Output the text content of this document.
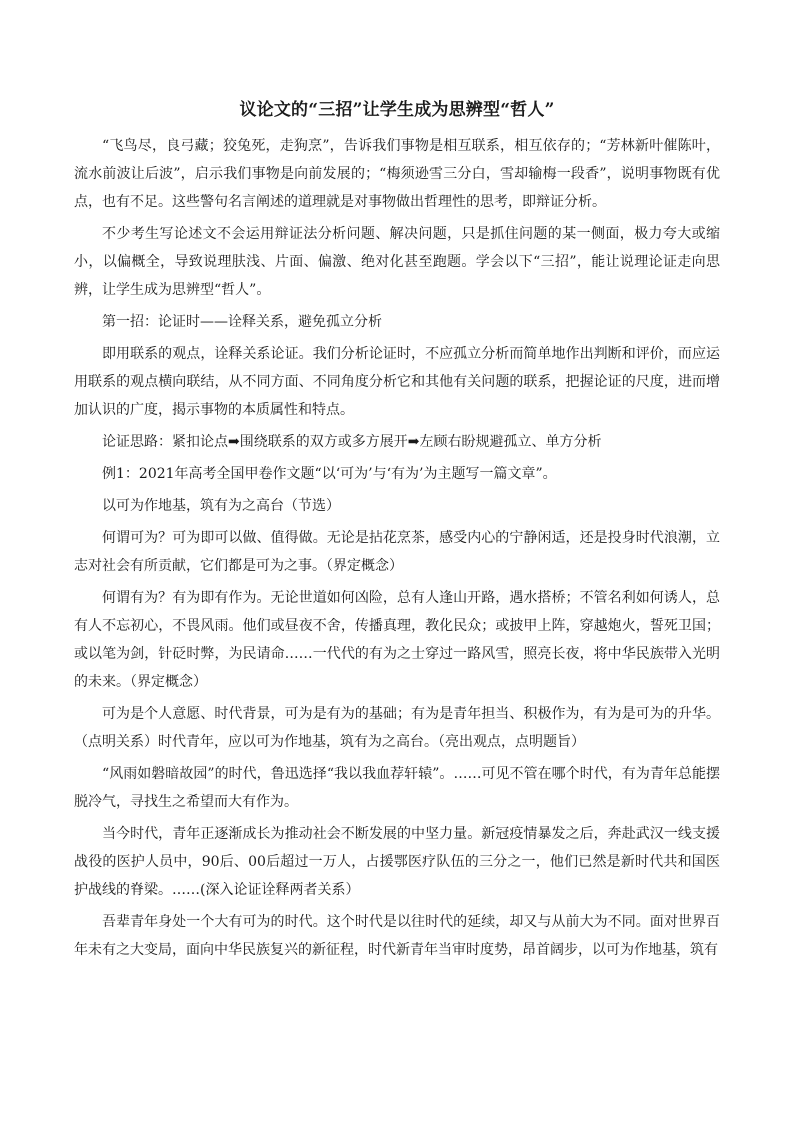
议论文的“三招”让学生成为思辨型“哲人”

“飞鸟尽，良弓藏；狡兔死，走狗烹”，告诉我们事物是相互联系，相互依存的；“芳林新叶催陈叶，流水前波让后波”，启示我们事物是向前发展的；“梅须逊雪三分白，雪却输梅一段香”，说明事物既有优点，也有不足。这些警句名言阐述的道理就是对事物做出哲理性的思考，即辩证分析。

不少考生写论述文不会运用辩证法分析问题、解决问题，只是抓住问题的某一侧面，极力夸大或缩小，以偏概全，导致说理肤浅、片面、偏激、绝对化甚至跑题。学会以下“三招”，能让说理论证走向思辨，让学生成为思辨型“哲人”。

第一招：论证时——诠释关系，避免孤立分析

即用联系的观点，诠释关系论证。我们分析论证时，不应孤立分析而简单地作出判断和评价，而应运用联系的观点横向联结，从不同方面、不同角度分析它和其他有关问题的联系，把握论证的尺度，进而增加认识的广度，揭示事物的本质属性和特点。

论证思路：紧扣论点➡围绕联系的双方或多方展开➡左顾右盼规避孤立、单方分析

例1：2021年高考全国甲卷作文题“以‘可为’与‘有为’为主题写一篇文章”。

以可为作地基，筑有为之高台（节选）

何谓可为？可为即可以做、值得做。无论是拈花烹茶，感受内心的宁静闲适，还是投身时代浪潮，立志对社会有所贡献，它们都是可为之事。（界定概念）

何谓有为？有为即有作为。无论世道如何凶险，总有人逢山开路，遇水搭桥；不管名利如何诱人，总有人不忘初心，不畏风雨。他们或昼夜不舍，传播真理，教化民众；或披甲上阵，穿越炮火，誓死卫国；或以笔为剑，针砭时弊，为民请命……一代代的有为之士穿过一路风雪，照亮长夜，将中华民族带入光明的未来。（界定概念）

可为是个人意愿、时代背景，可为是有为的基础；有为是青年担当、积极作为，有为是可为的升华。（点明关系）时代青年，应以可为作地基，筑有为之高台。（亮出观点，点明题旨）

“风雨如磐暗故园”的时代，鲁迅选择“我以我血荐轩辕”。……可见不管在哪个时代，有为青年总能摆脱冷气，寻找生之希望而大有作为。

当今时代，青年正逐渐成长为推动社会不断发展的中坚力量。新冠疫情暴发之后，奔赴武汉一线支援战役的医护人员中，90后、00后超过一万人，占援鄂医疗队伍的三分之一，他们已然是新时代共和国医护战线的脊梁。……(深入论证诠释两者关系）

吾辈青年身处一个大有可为的时代。这个时代是以往时代的延续，却又与从前大为不同。面对世界百年未有之大变局，面向中华民族复兴的新征程，时代新青年当审时度势，昂首阔步，以可为作地基，筑有
